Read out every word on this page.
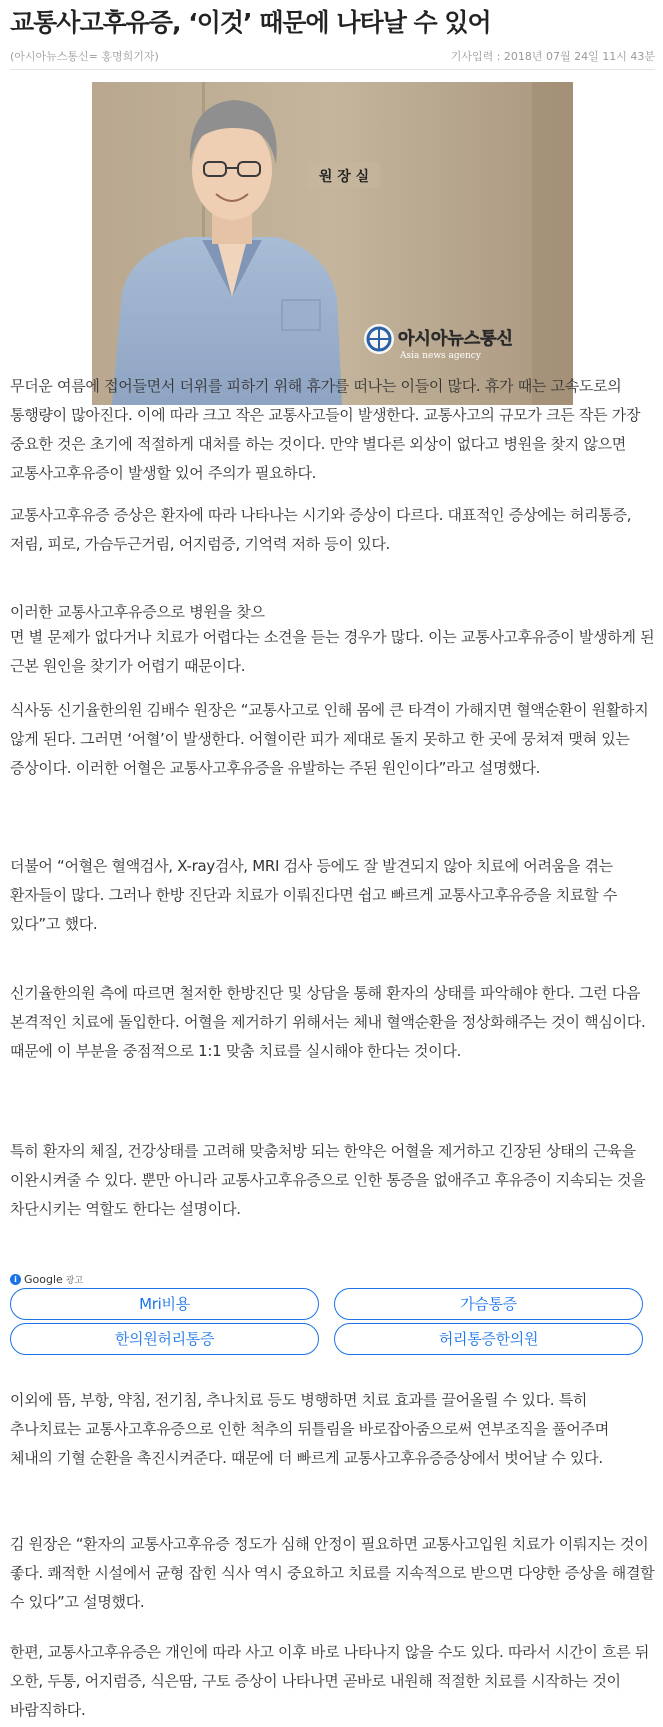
교통사고후유증, ‘이것’ 때문에 나타날 수 있어
(아시아뉴스통신= 홍명희기자)	기사입력 : 2018년 07월 24일 11시 43분
원 장 실
아시아뉴스통신
Asia news agency

무더운 여름에 접어들면서 더위를 피하기 위해 휴가를 떠나는 이들이 많다. 휴가 때는 고속도로의 통행량이 많아진다. 이에 따라 크고 작은 교통사고들이 발생한다. 교통사고의 규모가 크든 작든 가장 중요한 것은 초기에 적절하게 대처를 하는 것이다. 만약 별다른 외상이 없다고 병원을 찾지 않으면 교통사고후유증이 발생할 있어 주의가 필요하다.

교통사고후유증 증상은 환자에 따라 나타나는 시기와 증상이 다르다. 대표적인 증상에는 허리통증, 저림, 피로, 가슴두근거림, 어지럼증, 기억력 저하 등이 있다.

이러한 교통사고후유증으로 병원을 찾으

면 별 문제가 없다거나 치료가 어렵다는 소견을 듣는 경우가 많다. 이는 교통사고후유증이 발생하게 된 근본 원인을 찾기가 어렵기 때문이다.

식사동 신기율한의원 김배수 원장은 “교통사고로 인해 몸에 큰 타격이 가해지면 혈액순환이 원활하지 않게 된다. 그러면 ‘어혈’이 발생한다. 어혈이란 피가 제대로 돌지 못하고 한 곳에 뭉쳐져 맺혀 있는 증상이다. 이러한 어혈은 교통사고후유증을 유발하는 주된 원인이다”라고 설명했다.

더불어 “어혈은 혈액검사, X-ray검사, MRI 검사 등에도 잘 발견되지 않아 치료에 어려움을 겪는 환자들이 많다. 그러나 한방 진단과 치료가 이뤄진다면 쉽고 빠르게 교통사고후유증을 치료할 수 있다”고 했다.

신기율한의원 측에 따르면 철저한 한방진단 및 상담을 통해 환자의 상태를 파악해야 한다. 그런 다음 본격적인 치료에 돌입한다. 어혈을 제거하기 위해서는 체내 혈액순환을 정상화해주는 것이 핵심이다. 때문에 이 부분을 중점적으로 1:1 맞춤 치료를 실시해야 한다는 것이다.

특히 환자의 체질, 건강상태를 고려해 맞춤처방 되는 한약은 어혈을 제거하고 긴장된 상태의 근육을 이완시켜줄 수 있다. 뿐만 아니라 교통사고후유증으로 인한 통증을 없애주고 후유증이 지속되는 것을 차단시키는 역할도 한다는 설명이다.

i Google 광고
Mri비용	가슴통증
한의원허리통증	허리통증한의원

이외에 뜸, 부항, 약침, 전기침, 추나치료 등도 병행하면 치료 효과를 끌어올릴 수 있다. 특히 추나치료는 교통사고후유증으로 인한 척추의 뒤틀림을 바로잡아줌으로써 연부조직을 풀어주며 체내의 기혈 순환을 촉진시켜준다. 때문에 더 빠르게 교통사고후유증증상에서 벗어날 수 있다.

김 원장은 “환자의 교통사고후유증 정도가 심해 안정이 필요하면 교통사고입원 치료가 이뤄지는 것이 좋다. 쾌적한 시설에서 균형 잡힌 식사 역시 중요하고 치료를 지속적으로 받으면 다양한 증상을 해결할 수 있다”고 설명했다.

한편, 교통사고후유증은 개인에 따라 사고 이후 바로 나타나지 않을 수도 있다. 따라서 시간이 흐른 뒤 오한, 두통, 어지럼증, 식은땀, 구토 증상이 나타나면 곧바로 내원해 적절한 치료를 시작하는 것이 바람직하다.
